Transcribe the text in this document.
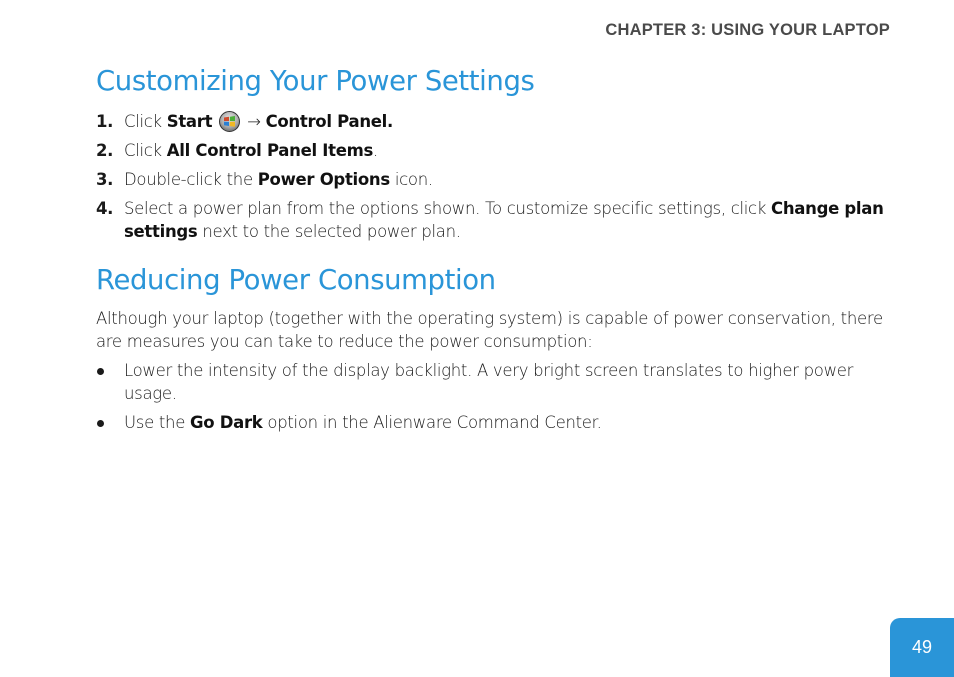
CHAPTER 3: USING YOUR LAPTOP
Customizing Your Power Settings
1. Click Start
→ Control Panel.
2. Click All Control Panel Items.
3. Double-click the Power Options icon.
4. Select a power plan from the options shown. To customize specific settings, click Change plan settings next to the selected power plan.
Reducing Power Consumption

Although your laptop (together with the operating system) is capable of power conservation, there are measures you can take to reduce the power consumption:

Lower the intensity of the display backlight. A very bright screen translates to higher power usage.
Use the Go Dark option in the Alienware Command Center.
49
